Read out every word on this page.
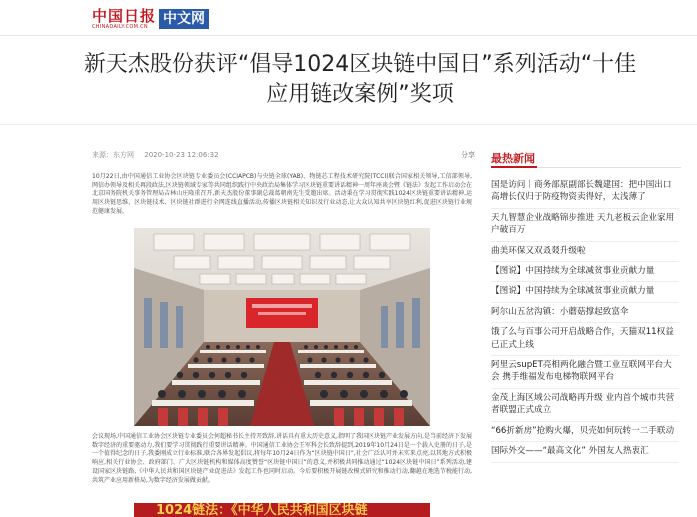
中国日报
CHINADAILY.COM.CN	中文网
新天杰股份获评“倡导1024区块链中国日”系列活动“十佳应用链改案例”奖项
来源：东方网 2020-10-23 12:06:32	分享

10月22日,由中国通信工业协会区块链专业委员会(CCIAPCB)与央链全球(YAB)、物链芯工程技术研究院(TCCI)联合国家相关领导,工信部领导,网信办领导及相关再段政法,区块链领域专家等共同组织践行中央政治局集体学习区块链重要讲话精神一周年座谈会暨《链法》发起工作启动会在北京国务院机关事务管理局吉林山庄隆重召开,新天杰股份董事副总裁葛朝南先生受邀出席。活动秉在学习贯彻实践1024区块链重要讲话精神,运用区块链思维、区块链技术、区块链社群进行全网连线直播活动,传播区块链相关知识及行业动态,让大众认知共享区块链红利,促进区块链行业规范健康发展。

会议现场,中国通信工业协会区块链专业委员会何超秘书长主持开致辞,讲话具有重大历史意义,指明了我国区块链产业发展方向,是当前经济下发展数字经济的重要驱动力,我们要学习贯彻践行重要讲话精神。中国通信工业协会王军科会长致辞提到,2019年10月24日是一个载入史册的日子,是一个值得纪念的日子,我委刚成立行业标准,联合各界发起倡议,将每年10月24日作为“区块链中国日”,社会广泛认可并未实来点亮,以其地方式积极响应,相关行业协会、政府部门、广大区块链机构和媒体高度赞誉“区块链中国日”的意义,并积极共同推动通过“1024区块链中国日”系列活动,建设国家区块链路,《中华人民共和国区块链产业促进法》发起工作也同时启动。今后要积极开展链改模式研究和推动行动,翻越在地选节税能行动,共筑产业应用新格局,为数字经济发展做贡献。

1024链法：《中华人民共和国区块链
最热新闻
国是访问｜商务部原副部长魏建国：把中国出口高增长仅归于防疫物资卖得好，太浅薄了
天九智慧企业战略锦步推进 天九老板云企业家用户破百万
曲美环保又双叒叕升级啦
【图说】中国持续为全球减贫事业贡献力量
【图说】中国持续为全球减贫事业贡献力量
阿尔山五岔沟镇：小蘑菇撑起致富伞
饿了么与百事公司开启战略合作，天猫双11权益已正式上线
阿里云supET亮相两化融合暨工业互联网平台大会 携手维福发布电梯物联网平台
金茂上海区域公司战略再升级 业内首个城市共营者联盟正式成立
“66折新房”抢购火爆，贝壳如何玩转一二手联动
国际外交——“最高文化” 外国友人热衷汇
